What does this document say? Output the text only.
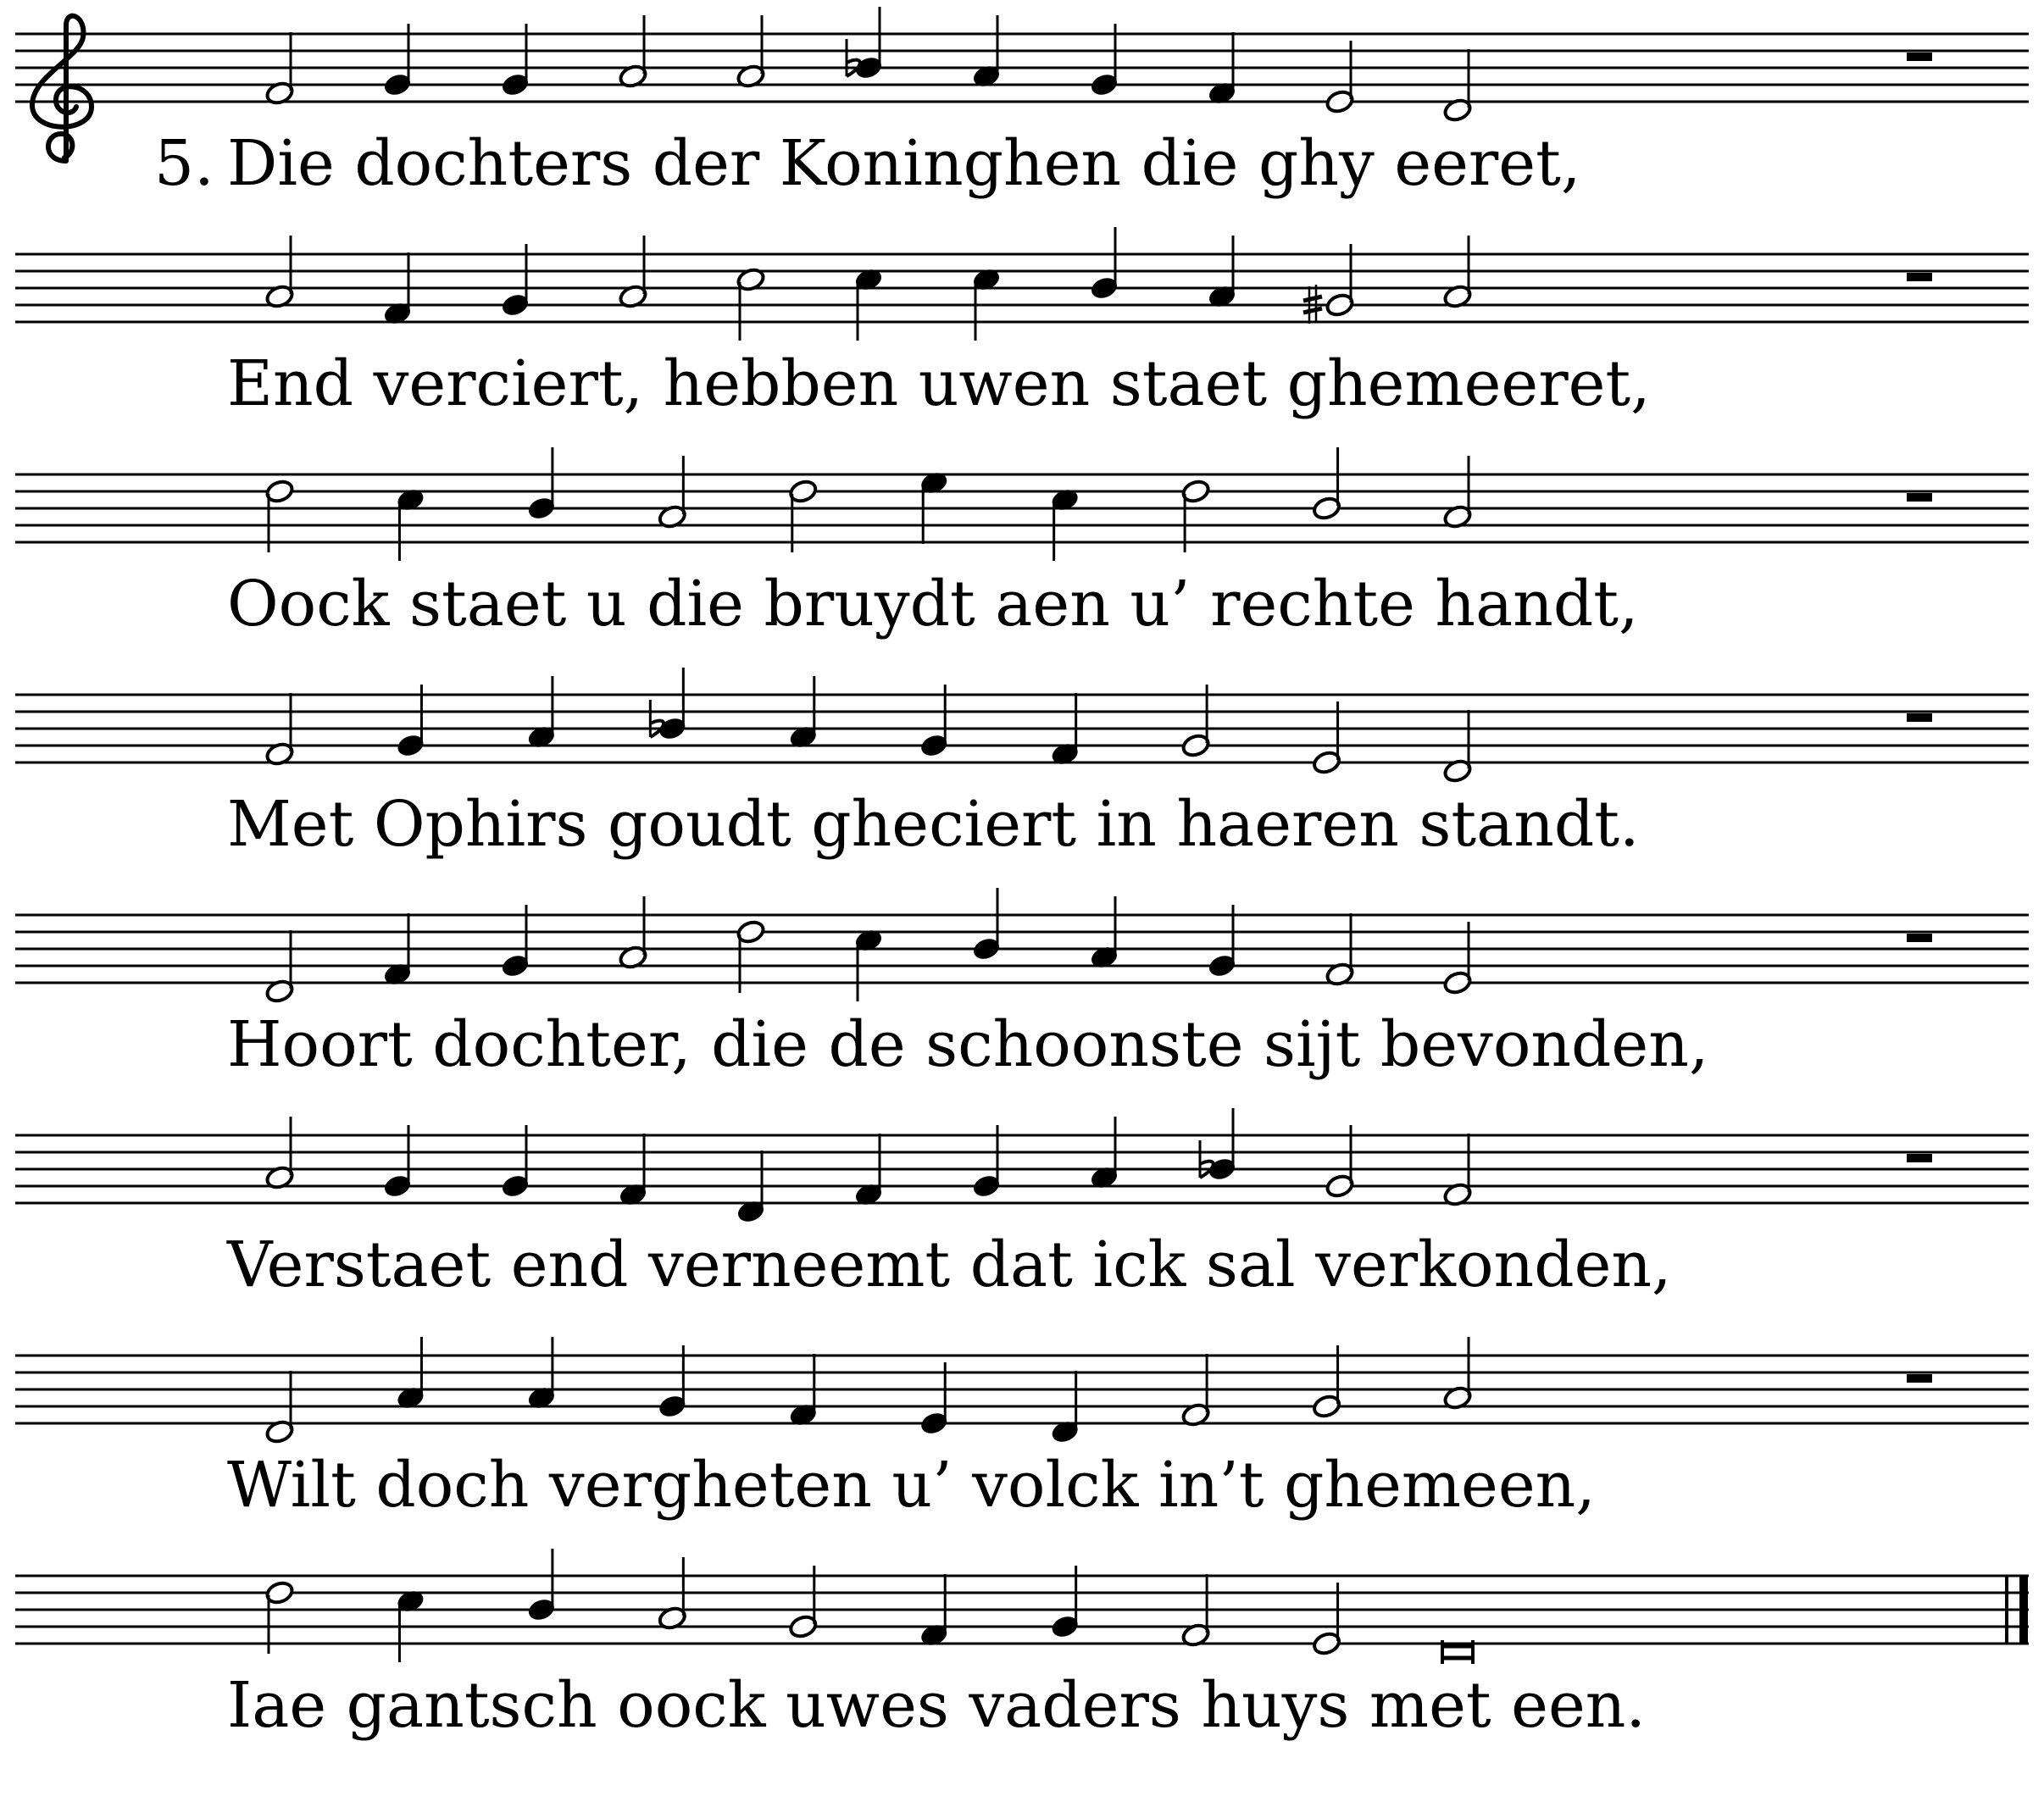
Die dochters der Koninghen die ghy eeret,
5.
End verciert, hebben uwen staet ghemeeret,
Oock staet u die bruydt aen u’ rechte handt,
Met Ophirs goudt gheciert in haeren standt.
Hoort dochter, die de schoonste sijt bevonden,
Verstaet end verneemt dat ick sal verkonden,
Wilt doch vergheten u’ volck in’t ghemeen,
Iae gantsch oock uwes vaders huys met een.
